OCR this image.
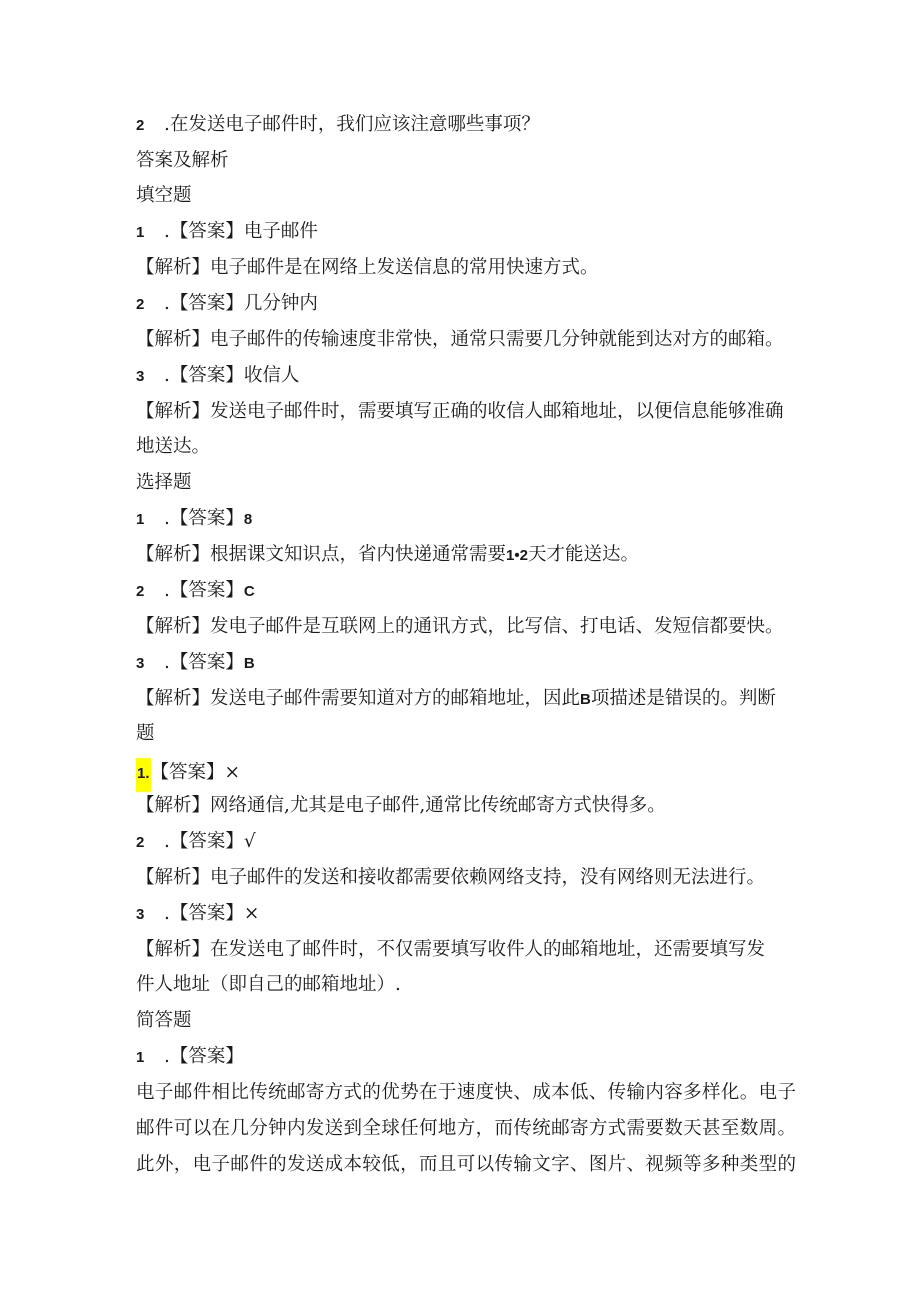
2 .在发送电子邮件时，我们应该注意哪些事项？
答案及解析
填空题
1 .【答案】电子邮件
【解析】电子邮件是在网络上发送信息的常用快速方式。
2 .【答案】几分钟内
【解析】电子邮件的传输速度非常快，通常只需要几分钟就能到达对方的邮箱。
3 .【答案】收信人
【解析】发送电子邮件时，需要填写正确的收信人邮箱地址，以便信息能够准确
地送达。
选择题
1 .【答案】8
【解析】根据课文知识点，省内快递通常需要1•2天才能送达。
2 .【答案】C
【解析】发电子邮件是互联网上的通讯方式，比写信、打电话、发短信都要快。
3 .【答案】B
【解析】发送电子邮件需要知道对方的邮箱地址，因此B项描述是错误的。判断
题
1.【答案】×
【解析】网络通信,尤其是电子邮件,通常比传统邮寄方式快得多。
2 .【答案】√
【解析】电子邮件的发送和接收都需要依赖网络支持，没有网络则无法进行。
3 .【答案】×
【解析】在发送电了邮件时，不仅需要填写收件人的邮箱地址，还需要填写发
件人地址（即自己的邮箱地址）.
简答题
1 .【答案】
电子邮件相比传统邮寄方式的优势在于速度快、成本低、传输内容多样化。电子
邮件可以在几分钟内发送到全球任何地方，而传统邮寄方式需要数天甚至数周。
此外，电子邮件的发送成本较低，而且可以传输文字、图片、视频等多种类型的
